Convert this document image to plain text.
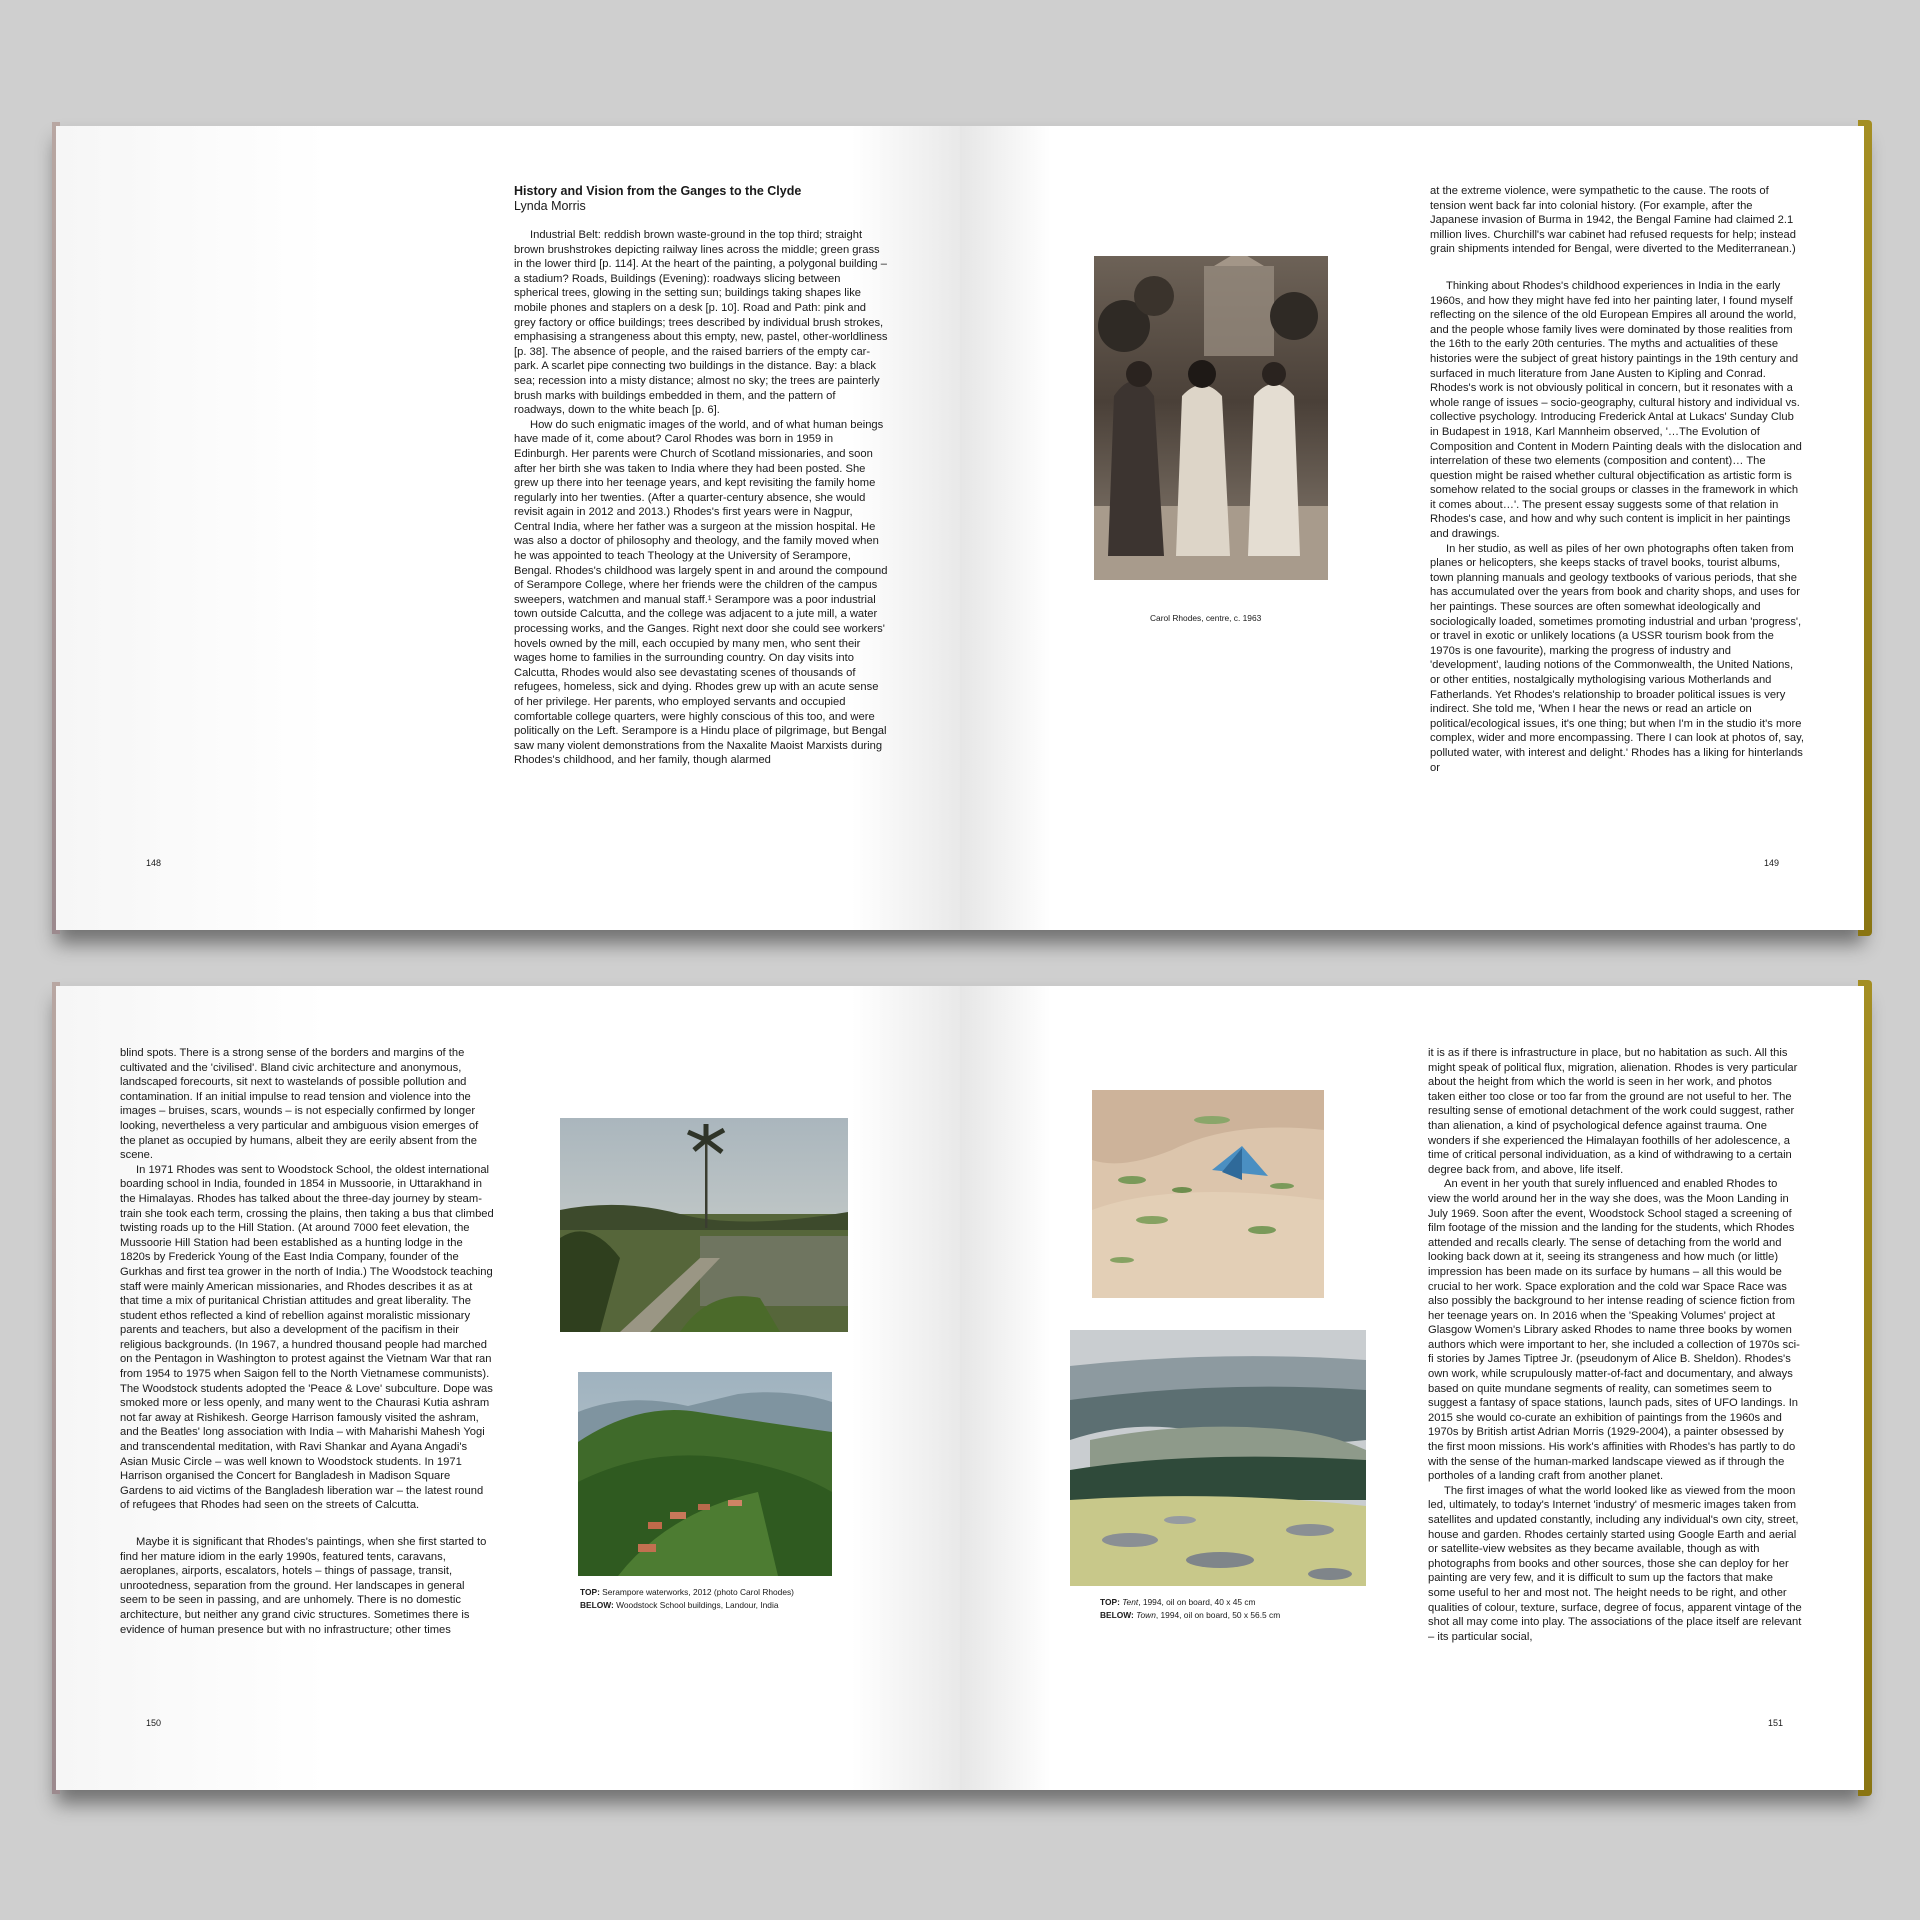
History and Vision from the Ganges to the Clyde
Lynda Morris

Industrial Belt: reddish brown waste-ground in the top third; straight brown brushstrokes depicting railway lines across the middle; green grass in the lower third [p. 114]. At the heart of the painting, a polygonal building – a stadium? Roads, Buildings (Evening): roadways slicing between spherical trees, glowing in the setting sun; buildings taking shapes like mobile phones and staplers on a desk [p. 10]. Road and Path: pink and grey factory or office buildings; trees described by individual brush strokes, emphasising a strangeness about this empty, new, pastel, other-worldliness [p. 38]. The absence of people, and the raised barriers of the empty car-park. A scarlet pipe connecting two buildings in the distance. Bay: a black sea; recession into a misty distance; almost no sky; the trees are painterly brush marks with buildings embedded in them, and the pattern of roadways, down to the white beach [p. 6].

How do such enigmatic images of the world, and of what human beings have made of it, come about? Carol Rhodes was born in 1959 in Edinburgh. Her parents were Church of Scotland missionaries, and soon after her birth she was taken to India where they had been posted. She grew up there into her teenage years, and kept revisiting the family home regularly into her twenties. (After a quarter-century absence, she would revisit again in 2012 and 2013.) Rhodes's first years were in Nagpur, Central India, where her father was a surgeon at the mission hospital. He was also a doctor of philosophy and theology, and the family moved when he was appointed to teach Theology at the University of Serampore, Bengal. Rhodes's childhood was largely spent in and around the compound of Serampore College, where her friends were the children of the campus sweepers, watchmen and manual staff.¹ Serampore was a poor industrial town outside Calcutta, and the college was adjacent to a jute mill, a water processing works, and the Ganges. Right next door she could see workers' hovels owned by the mill, each occupied by many men, who sent their wages home to families in the surrounding country. On day visits into Calcutta, Rhodes would also see devastating scenes of thousands of refugees, homeless, sick and dying. Rhodes grew up with an acute sense of her privilege. Her parents, who employed servants and occupied comfortable college quarters, were highly conscious of this too, and were politically on the Left. Serampore is a Hindu place of pilgrimage, but Bengal saw many violent demonstrations from the Naxalite Maoist Marxists during Rhodes's childhood, and her family, though alarmed

148
Carol Rhodes, centre, c. 1963

at the extreme violence, were sympathetic to the cause. The roots of tension went back far into colonial history. (For example, after the Japanese invasion of Burma in 1942, the Bengal Famine had claimed 2.1 million lives. Churchill's war cabinet had refused requests for help; instead grain shipments intended for Bengal, were diverted to the Mediterranean.)

Thinking about Rhodes's childhood experiences in India in the early 1960s, and how they might have fed into her painting later, I found myself reflecting on the silence of the old European Empires all around the world, and the people whose family lives were dominated by those realities from the 16th to the early 20th centuries. The myths and actualities of these histories were the subject of great history paintings in the 19th century and surfaced in much literature from Jane Austen to Kipling and Conrad. Rhodes's work is not obviously political in concern, but it resonates with a whole range of issues – socio-geography, cultural history and individual vs. collective psychology. Introducing Frederick Antal at Lukacs' Sunday Club in Budapest in 1918, Karl Mannheim observed, '…The Evolution of Composition and Content in Modern Painting deals with the dislocation and interrelation of these two elements (composition and content)… The question might be raised whether cultural objectification as artistic form is somehow related to the social groups or classes in the framework in which it comes about…'. The present essay suggests some of that relation in Rhodes's case, and how and why such content is implicit in her paintings and drawings.

In her studio, as well as piles of her own photographs often taken from planes or helicopters, she keeps stacks of travel books, tourist albums, town planning manuals and geology textbooks of various periods, that she has accumulated over the years from book and charity shops, and uses for her paintings. These sources are often somewhat ideologically and sociologically loaded, sometimes promoting industrial and urban 'progress', or travel in exotic or unlikely locations (a USSR tourism book from the 1970s is one favourite), marking the progress of industry and 'development', lauding notions of the Commonwealth, the United Nations, or other entities, nostalgically mythologising various Motherlands and Fatherlands. Yet Rhodes's relationship to broader political issues is very indirect. She told me, 'When I hear the news or read an article on political/ecological issues, it's one thing; but when I'm in the studio it's more complex, wider and more encompassing. There I can look at photos of, say, polluted water, with interest and delight.' Rhodes has a liking for hinterlands or

149

blind spots. There is a strong sense of the borders and margins of the cultivated and the 'civilised'. Bland civic architecture and anonymous, landscaped forecourts, sit next to wastelands of possible pollution and contamination. If an initial impulse to read tension and violence into the images – bruises, scars, wounds – is not especially confirmed by longer looking, nevertheless a very particular and ambiguous vision emerges of the planet as occupied by humans, albeit they are eerily absent from the scene.

In 1971 Rhodes was sent to Woodstock School, the oldest international boarding school in India, founded in 1854 in Mussoorie, in Uttarakhand in the Himalayas. Rhodes has talked about the three-day journey by steam-train she took each term, crossing the plains, then taking a bus that climbed twisting roads up to the Hill Station. (At around 7000 feet elevation, the Mussoorie Hill Station had been established as a hunting lodge in the 1820s by Frederick Young of the East India Company, founder of the Gurkhas and first tea grower in the north of India.) The Woodstock teaching staff were mainly American missionaries, and Rhodes describes it as at that time a mix of puritanical Christian attitudes and great liberality. The student ethos reflected a kind of rebellion against moralistic missionary parents and teachers, but also a development of the pacifism in their religious backgrounds. (In 1967, a hundred thousand people had marched on the Pentagon in Washington to protest against the Vietnam War that ran from 1954 to 1975 when Saigon fell to the North Vietnamese communists). The Woodstock students adopted the 'Peace & Love' subculture. Dope was smoked more or less openly, and many went to the Chaurasi Kutia ashram not far away at Rishikesh. George Harrison famously visited the ashram, and the Beatles' long association with India – with Maharishi Mahesh Yogi and transcendental meditation, with Ravi Shankar and Ayana Angadi's Asian Music Circle – was well known to Woodstock students. In 1971 Harrison organised the Concert for Bangladesh in Madison Square Gardens to aid victims of the Bangladesh liberation war – the latest round of refugees that Rhodes had seen on the streets of Calcutta.

Maybe it is significant that Rhodes's paintings, when she first started to find her mature idiom in the early 1990s, featured tents, caravans, aeroplanes, airports, escalators, hotels – things of passage, transit, unrootedness, separation from the ground. Her landscapes in general seem to be seen in passing, and are unhomely. There is no domestic architecture, but neither any grand civic structures. Sometimes there is evidence of human presence but with no infrastructure; other times

TOP: Serampore waterworks, 2012 (photo Carol Rhodes)
BELOW: Woodstock School buildings, Landour, India
150
TOP: Tent, 1994, oil on board, 40 x 45 cm
BELOW: Town, 1994, oil on board, 50 x 56.5 cm

it is as if there is infrastructure in place, but no habitation as such. All this might speak of political flux, migration, alienation. Rhodes is very particular about the height from which the world is seen in her work, and photos taken either too close or too far from the ground are not useful to her. The resulting sense of emotional detachment of the work could suggest, rather than alienation, a kind of psychological defence against trauma. One wonders if she experienced the Himalayan foothills of her adolescence, a time of critical personal individuation, as a kind of withdrawing to a certain degree back from, and above, life itself.

An event in her youth that surely influenced and enabled Rhodes to view the world around her in the way she does, was the Moon Landing in July 1969. Soon after the event, Woodstock School staged a screening of film footage of the mission and the landing for the students, which Rhodes attended and recalls clearly. The sense of detaching from the world and looking back down at it, seeing its strangeness and how much (or little) impression has been made on its surface by humans – all this would be crucial to her work. Space exploration and the cold war Space Race was also possibly the background to her intense reading of science fiction from her teenage years on. In 2016 when the 'Speaking Volumes' project at Glasgow Women's Library asked Rhodes to name three books by women authors which were important to her, she included a collection of 1970s sci-fi stories by James Tiptree Jr. (pseudonym of Alice B. Sheldon). Rhodes's own work, while scrupulously matter-of-fact and documentary, and always based on quite mundane segments of reality, can sometimes seem to suggest a fantasy of space stations, launch pads, sites of UFO landings. In 2015 she would co-curate an exhibition of paintings from the 1960s and 1970s by British artist Adrian Morris (1929-2004), a painter obsessed by the first moon missions. His work's affinities with Rhodes's has partly to do with the sense of the human-marked landscape viewed as if through the portholes of a landing craft from another planet.

The first images of what the world looked like as viewed from the moon led, ultimately, to today's Internet 'industry' of mesmeric images taken from satellites and updated constantly, including any individual's own city, street, house and garden. Rhodes certainly started using Google Earth and aerial or satellite-view websites as they became available, though as with photographs from books and other sources, those she can deploy for her painting are very few, and it is difficult to sum up the factors that make some useful to her and most not. The height needs to be right, and other qualities of colour, texture, surface, degree of focus, apparent vintage of the shot all may come into play. The associations of the place itself are relevant – its particular social,

151
